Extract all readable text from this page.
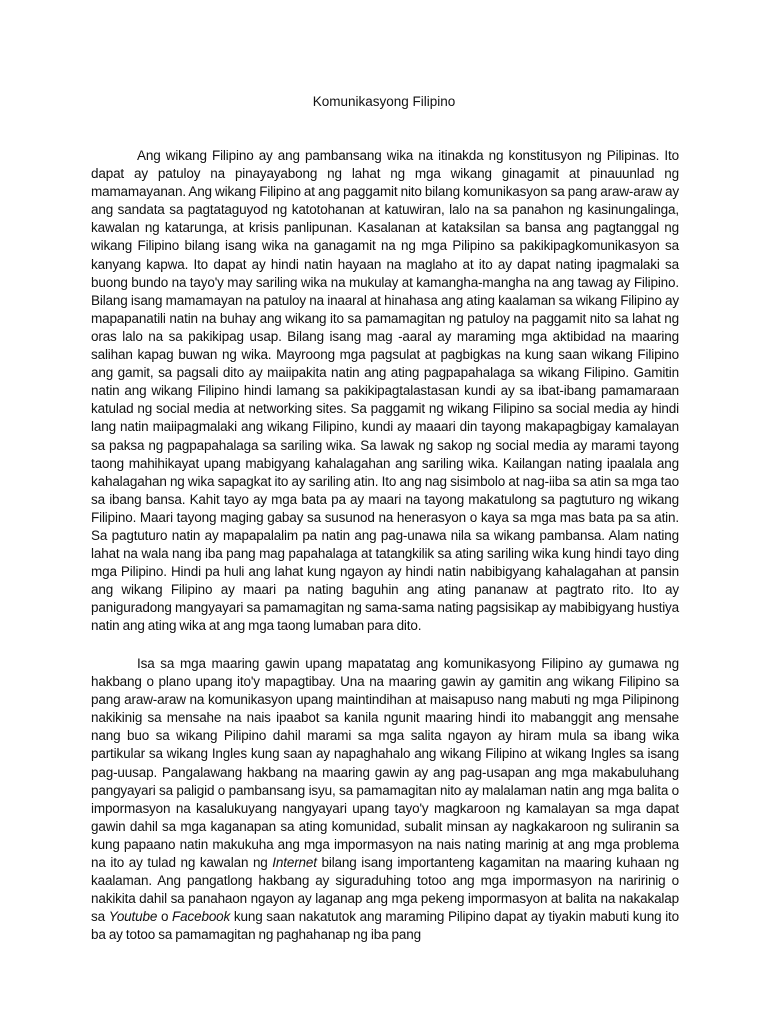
Komunikasyong Filipino

Ang wikang Filipino ay ang pambansang wika na itinakda ng konstitusyon ng Pilipinas. Ito dapat ay patuloy na pinayayabong ng lahat ng mga wikang ginagamit at pinauunlad ng mamamayanan. Ang wikang Filipino at ang paggamit nito bilang komunikasyon sa pang araw-araw ay ang sandata sa pagtataguyod ng katotohanan at katuwiran, lalo na sa panahon ng kasinungalinga, kawalan ng katarunga, at krisis panlipunan. Kasalanan at kataksilan sa bansa ang pagtanggal ng wikang Filipino bilang isang wika na ganagamit na ng mga Pilipino sa pakikipagkomunikasyon sa kanyang kapwa. Ito dapat ay hindi natin hayaan na maglaho at ito ay dapat nating ipagmalaki sa buong bundo na tayo'y may sariling wika na mukulay at kamangha-mangha na ang tawag ay Filipino. Bilang isang mamamayan na patuloy na inaaral at hinahasa ang ating kaalaman sa wikang Filipino ay mapapanatili natin na buhay ang wikang ito sa pamamagitan ng patuloy na paggamit nito sa lahat ng oras lalo na sa pakikipag usap. Bilang isang mag -aaral ay maraming mga aktibidad na maaring salihan kapag buwan ng wika. Mayroong mga pagsulat at pagbigkas na kung saan wikang Filipino ang gamit, sa pagsali dito ay maiipakita natin ang ating pagpapahalaga sa wikang Filipino. Gamitin natin ang wikang Filipino hindi lamang sa pakikipagtalastasan kundi ay sa ibat-ibang pamamaraan katulad ng social media at networking sites. Sa paggamit ng wikang Filipino sa social media ay hindi lang natin maiipagmalaki ang wikang Filipino, kundi ay maaari din tayong makapagbigay kamalayan sa paksa ng pagpapahalaga sa sariling wika. Sa lawak ng sakop ng social media ay marami tayong taong mahihikayat upang mabigyang kahalagahan ang sariling wika. Kailangan nating ipaalala ang kahalagahan ng wika sapagkat ito ay sariling atin. Ito ang nag sisimbolo at nag-iiba sa atin sa mga tao sa ibang bansa. Kahit tayo ay mga bata pa ay maari na tayong makatulong sa pagtuturo ng wikang Filipino. Maari tayong maging gabay sa susunod na henerasyon o kaya sa mga mas bata pa sa atin. Sa pagtuturo natin ay mapapalalim pa natin ang pag-unawa nila sa wikang pambansa. Alam nating lahat na wala nang iba pang mag papahalaga at tatangkilik sa ating sariling wika kung hindi tayo ding mga Pilipino. Hindi pa huli ang lahat kung ngayon ay hindi natin nabibigyang kahalagahan at pansin ang wikang Filipino ay maari pa nating baguhin ang ating pananaw at pagtrato rito. Ito ay paniguradong mangyayari sa pamamagitan ng sama-sama nating pagsisikap ay mabibigyang hustiya natin ang ating wika at ang mga taong lumaban para dito.

Isa sa mga maaring gawin upang mapatatag ang komunikasyong Filipino ay gumawa ng hakbang o plano upang ito'y mapagtibay. Una na maaring gawin ay gamitin ang wikang Filipino sa pang araw-araw na komunikasyon upang maintindihan at maisapuso nang mabuti ng mga Pilipinong nakikinig sa mensahe na nais ipaabot sa kanila ngunit maaring hindi ito mabanggit ang mensahe nang buo sa wikang Pilipino dahil marami sa mga salita ngayon ay hiram mula sa ibang wika partikular sa wikang Ingles kung saan ay napaghahalo ang wikang Filipino at wikang Ingles sa isang pag-uusap. Pangalawang hakbang na maaring gawin ay ang pag-usapan ang mga makabuluhang pangyayari sa paligid o pambansang isyu, sa pamamagitan nito ay malalaman natin ang mga balita o impormasyon na kasalukuyang nangyayari upang tayo'y magkaroon ng kamalayan sa mga dapat gawin dahil sa mga kaganapan sa ating komunidad, subalit minsan ay nagkakaroon ng suliranin sa kung papaano natin makukuha ang mga impormasyon na nais nating marinig at ang mga problema na ito ay tulad ng kawalan ng Internet bilang isang importanteng kagamitan na maaring kuhaan ng kaalaman. Ang pangatlong hakbang ay siguraduhing totoo ang mga impormasyon na naririnig o nakikita dahil sa panahaon ngayon ay laganap ang mga pekeng impormasyon at balita na nakakalap sa Youtube o Facebook kung saan nakatutok ang maraming Pilipino dapat ay tiyakin mabuti kung ito ba ay totoo sa pamamagitan ng paghahanap ng iba pang
